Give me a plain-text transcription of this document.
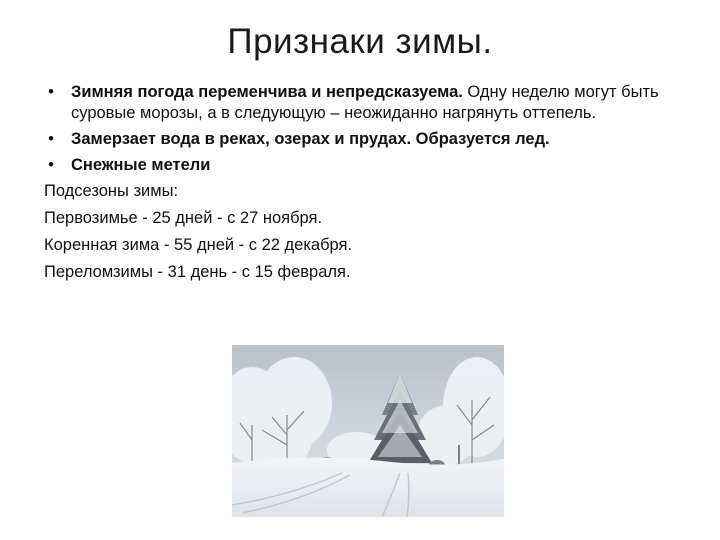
Признаки зимы.
• Зимняя погода переменчива и непредсказуема. Одну неделю могут быть суровые морозы, а в следующую – неожиданно нагрянуть оттепель.
• Замерзает вода в реках, озерах и прудах. Образуется лед.
• Снежные метели
Подсезоны зимы:
Первозимье - 25 дней - с 27 ноября.
Коренная зима - 55 дней - с 22 декабря.
Переломзимы - 31 день - с 15 февраля.
